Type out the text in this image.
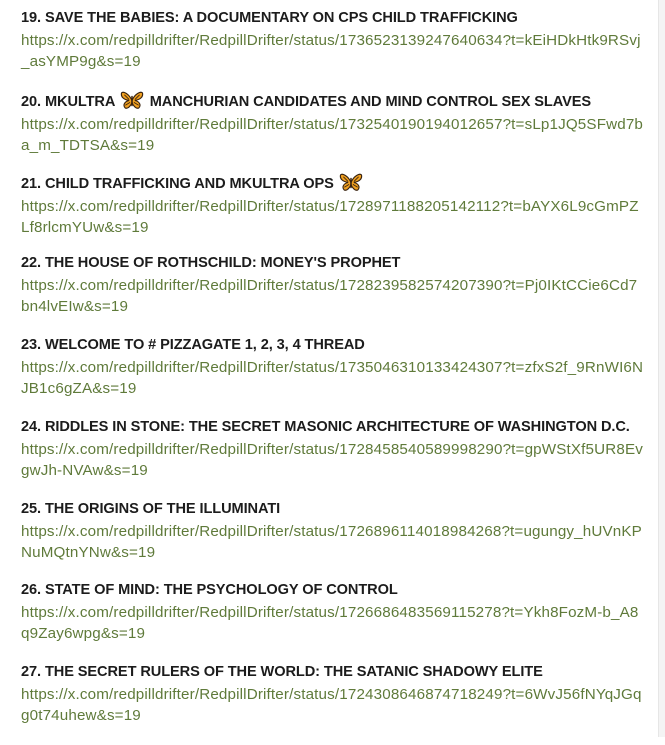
19. SAVE THE BABIES: A DOCUMENTARY ON CPS CHILD TRAFFICKING
https://x.com/redpilldrifter/RedpillDrifter/status/1736523139247640634?t=kEiHDkHtk9RSvj_asYMP9g&s=19
20. MKULTRA MANCHURIAN CANDIDATES AND MIND CONTROL SEX SLAVES
https://x.com/redpilldrifter/RedpillDrifter/status/1732540190194012657?t=sLp1JQ5SFwd7ba_m_TDTSA&s=19
21. CHILD TRAFFICKING AND MKULTRA OPS
https://x.com/redpilldrifter/RedpillDrifter/status/1728971188205142112?t=bAYX6L9cGmPZLf8rlcmYUw&s=19
22. THE HOUSE OF ROTHSCHILD: MONEY'S PROPHET
https://x.com/redpilldrifter/RedpillDrifter/status/1728239582574207390?t=Pj0IKtCCie6Cd7bn4lvEIw&s=19
23. WELCOME TO # PIZZAGATE 1, 2, 3, 4 THREAD
https://x.com/redpilldrifter/RedpillDrifter/status/1735046310133424307?t=zfxS2f_9RnWI6NJB1c6gZA&s=19
24. RIDDLES IN STONE: THE SECRET MASONIC ARCHITECTURE OF WASHINGTON D.C.
https://x.com/redpilldrifter/RedpillDrifter/status/1728458540589998290?t=gpWStXf5UR8EvgwJh-NVAw&s=19
25. THE ORIGINS OF THE ILLUMINATI
https://x.com/redpilldrifter/RedpillDrifter/status/1726896114018984268?t=ugungy_hUVnKPNuMQtnYNw&s=19
26. STATE OF MIND: THE PSYCHOLOGY OF CONTROL
https://x.com/redpilldrifter/RedpillDrifter/status/1726686483569115278?t=Ykh8FozM-b_A8q9Zay6wpg&s=19
27. THE SECRET RULERS OF THE WORLD: THE SATANIC SHADOWY ELITE
https://x.com/redpilldrifter/RedpillDrifter/status/1724308646874718249?t=6WvJ56fNYqJGqg0t74uhew&s=19
